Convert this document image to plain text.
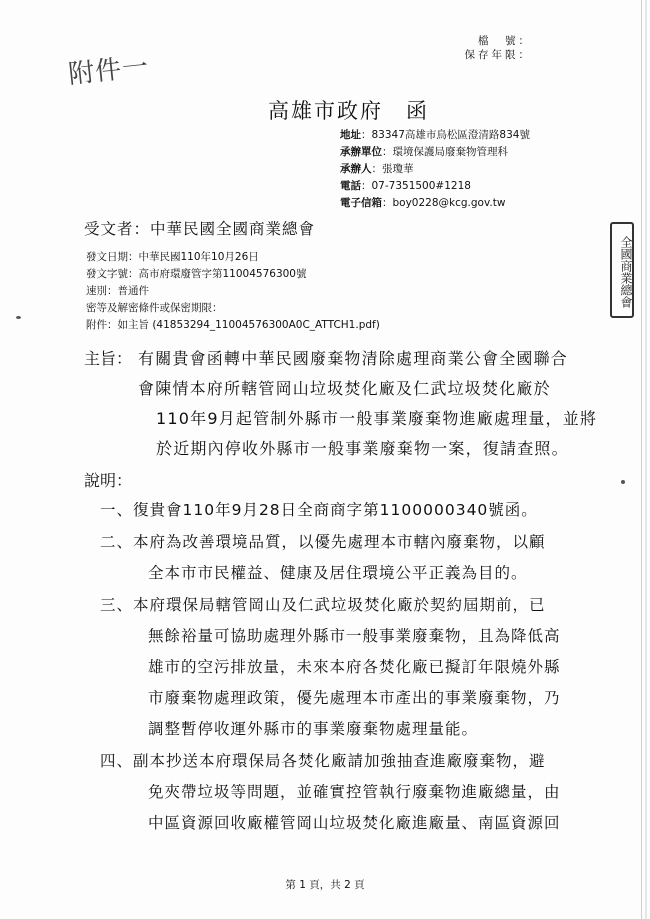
附件一
檔　號：
保存年限：
高雄市政府　函
地址：83347高雄市鳥松區澄清路834號
承辦單位：環境保護局廢棄物管理科
承辦人：張瓊華
電話：07-7351500#1218
電子信箱：boy0228@kcg.gov.tw
受文者：中華民國全國商業總會
發文日期：中華民國110年10月26日
發文字號：高市府環廢管字第11004576300號
速別：普通件
密等及解密條件或保密期限：
附件：如主旨 (41853294_11004576300A0C_ATTCH1.pdf)
全國商業總會
主旨： 有關貴會函轉中華民國廢棄物清除處理商業公會全國聯合
會陳情本府所轄管岡山垃圾焚化廠及仁武垃圾焚化廠於
110年9月起管制外縣市一般事業廢棄物進廠處理量，並將
於近期內停收外縣市一般事業廢棄物一案，復請查照。
說明：
一、復貴會110年9月28日全商商字第1100000340號函。
二、本府為改善環境品質，以優先處理本市轄內廢棄物，以顧
全本市市民權益、健康及居住環境公平正義為目的。
三、本府環保局轄管岡山及仁武垃圾焚化廠於契約屆期前，已
無餘裕量可協助處理外縣市一般事業廢棄物，且為降低高
雄市的空污排放量，未來本府各焚化廠已擬訂年限燒外縣
市廢棄物處理政策，優先處理本市產出的事業廢棄物，乃
調整暫停收運外縣市的事業廢棄物處理量能。
四、副本抄送本府環保局各焚化廠請加強抽查進廠廢棄物，避
免夾帶垃圾等問題，並確實控管執行廢棄物進廠總量，由
中區資源回收廠權管岡山垃圾焚化廠進廠量、南區資源回
第 1 頁，共 2 頁
